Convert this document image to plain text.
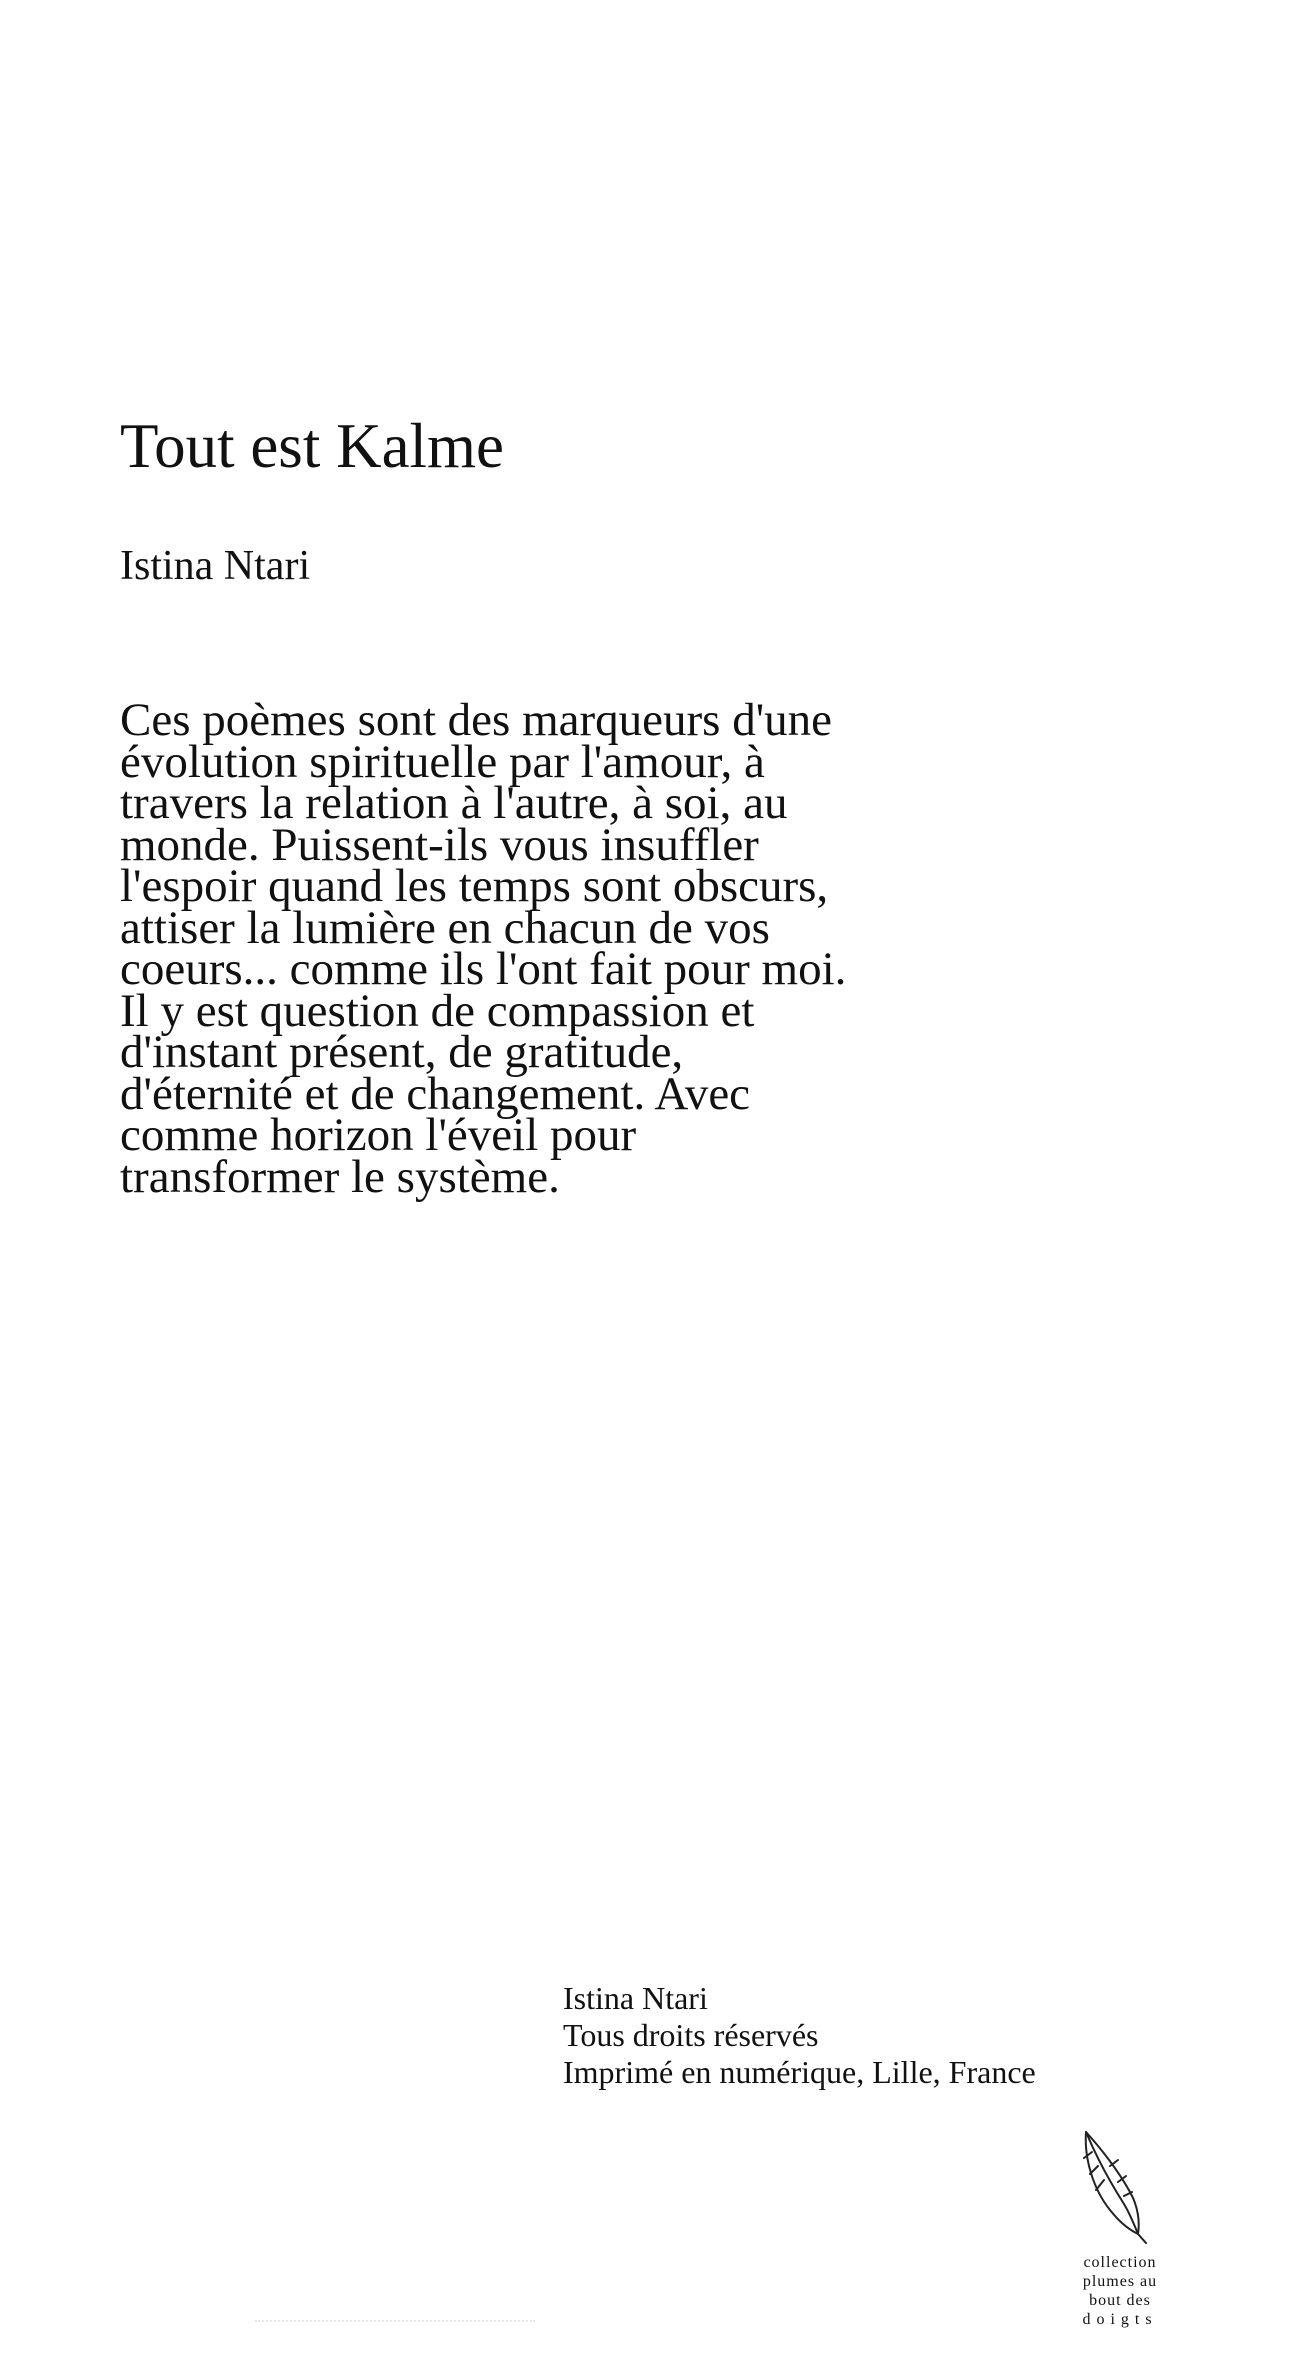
Tout est Kalme
Istina Ntari
Ces poèmes sont des marqueurs d'une
évolution spirituelle par l'amour, à
travers la relation à l'autre, à soi, au
monde. Puissent-ils vous insuffler
l'espoir quand les temps sont obscurs,
attiser la lumière en chacun de vos
coeurs... comme ils l'ont fait pour moi.
Il y est question de compassion et
d'instant présent, de gratitude,
d'éternité et de changement. Avec
comme horizon l'éveil pour
transformer le système.
Istina Ntari
Tous droits réservés
Imprimé en numérique, Lille, France
collection
plumes au
bout des
doigts
